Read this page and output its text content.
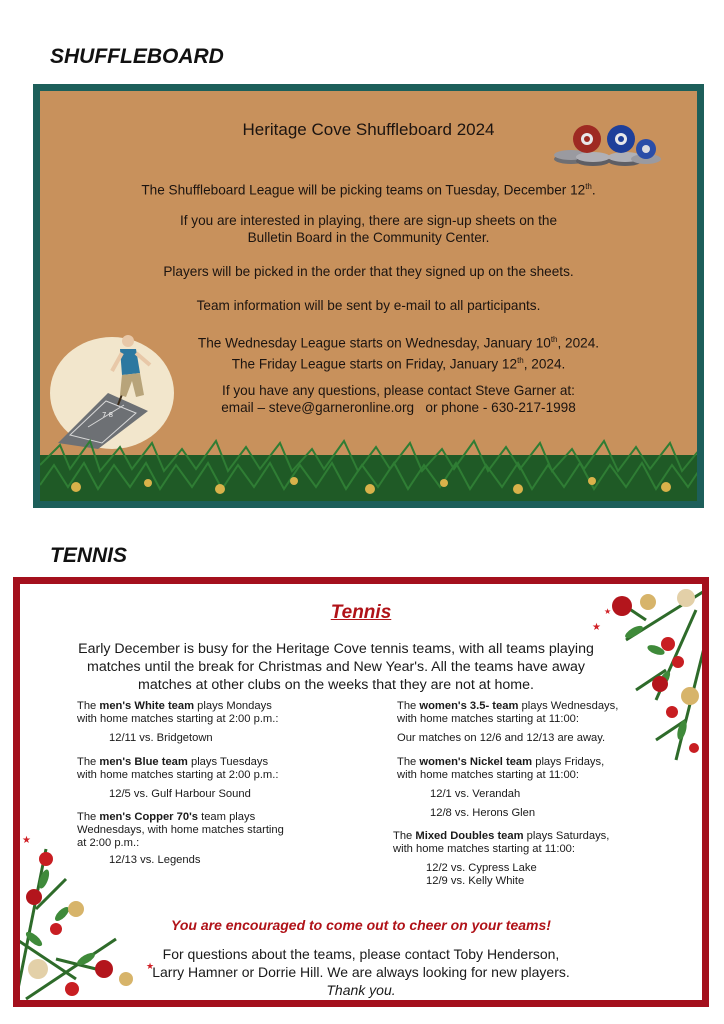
SHUFFLEBOARD
Heritage Cove Shuffleboard 2024

The Shuffleboard League will be picking teams on Tuesday, December 12th.

If you are interested in playing, there are sign-up sheets on the
Bulletin Board in the Community Center.

Players will be picked in the order that they signed up on the sheets.

Team information will be sent by e-mail to all participants.

The Wednesday League starts on Wednesday, January 10th, 2024.
The Friday League starts on Friday, January 12th, 2024.

If you have any questions, please contact Steve Garner at:
email – steve@garneronline.org   or phone - 630-217-1998

7 8
TENNIS
Tennis

Early December is busy for the Heritage Cove tennis teams, with all teams playing matches until the break for Christmas and New Year's. All the teams have away matches at other clubs on the weeks that they are not at home.

The men's White team plays Mondays

with home matches starting at 2:00 p.m.:

12/11 vs. Bridgetown

The men's Blue team plays Tuesdays

with home matches starting at 2:00 p.m.:

12/5 vs. Gulf Harbour Sound

The men's Copper 70's team plays

Wednesdays, with home matches starting

at 2:00 p.m.:

12/13 vs. Legends

The women's 3.5- team plays Wednesdays,

with home matches starting at 11:00:

Our matches on 12/6 and 12/13 are away.

The women's Nickel team plays Fridays,

with home matches starting at 11:00:

12/1 vs. Verandah

12/8 vs. Herons Glen

The Mixed Doubles team plays Saturdays,

with home matches starting at 11:00:

12/2 vs. Cypress Lake

12/9 vs. Kelly White

You are encouraged to come out to cheer on your teams!
For questions about the teams, please contact Toby Henderson,
Larry Hamner or Dorrie Hill. We are always looking for new players.
Thank you.
★
★
★
★
